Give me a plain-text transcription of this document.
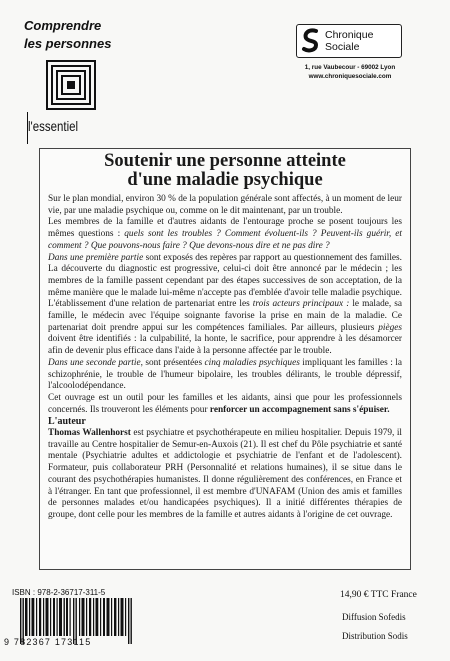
Comprendre
les personnes
l'essentiel
Chronique
Sociale
1, rue Vaubecour - 69002 Lyon
www.chroniquesociale.com
Soutenir une personne atteinte
d'une maladie psychique

Sur le plan mondial, environ 30 % de la population générale sont affectés, à un moment de leur vie, par une maladie psychique ou, comme on le dit maintenant, par un trouble.

Les membres de la famille et d'autres aidants de l'entourage proche se posent toujours les mêmes questions : quels sont les troubles ? Comment évoluent-ils ? Peuvent-ils guérir, et comment ? Que pouvons-nous faire ? Que devons-nous dire et ne pas dire ?

Dans une première partie sont exposés des repères par rapport au questionnement des familles. La découverte du diagnostic est progressive, celui-ci doit être annoncé par le médecin ; les membres de la famille passent cependant par des étapes successives de son acceptation, de la même manière que le malade lui-même n'accepte pas d'emblée d'avoir telle maladie psychique. L'établissement d'une relation de partenariat entre les trois acteurs principaux : le malade, sa famille, le médecin avec l'équipe soignante favorise la prise en main de la maladie. Ce partenariat doit prendre appui sur les compétences familiales. Par ailleurs, plusieurs pièges doivent être identifiés : la culpabilité, la honte, le sacrifice, pour apprendre à les désamorcer afin de devenir plus efficace dans l'aide à la personne affectée par le trouble.

Dans une seconde partie, sont présentées cinq maladies psychiques impliquant les familles : la schizophrénie, le trouble de l'humeur bipolaire, les troubles délirants, le trouble dépressif, l'alcoolodépendance.

Cet ouvrage est un outil pour les familles et les aidants, ainsi que pour les professionnels concernés. Ils trouveront les éléments pour renforcer un accompagnement sans s'épuiser.

L'auteur

Thomas Wallenhorst est psychiatre et psychothérapeute en milieu hospitalier. Depuis 1979, il travaille au Centre hospitalier de Semur-en-Auxois (21). Il est chef du Pôle psychiatrie et santé mentale (Psychiatrie adultes et addictologie et psychiatrie de l'enfant et de l'adolescent). Formateur, puis collaborateur PRH (Personnalité et relations humaines), il se situe dans le courant des psychothérapies humanistes. Il donne régulièrement des conférences, en France et à l'étranger. En tant que professionnel, il est membre d'UNAFAM (Union des amis et familles de personnes malades et/ou handicapées psychiques). Il a initié différentes thérapies de groupe, dont celle pour les membres de la famille et autres aidants à l'origine de cet ouvrage.

ISBN : 978-2-36717-311-5
9 782367 173115
14,90 € TTC France
Diffusion Sofedis
Distribution Sodis
